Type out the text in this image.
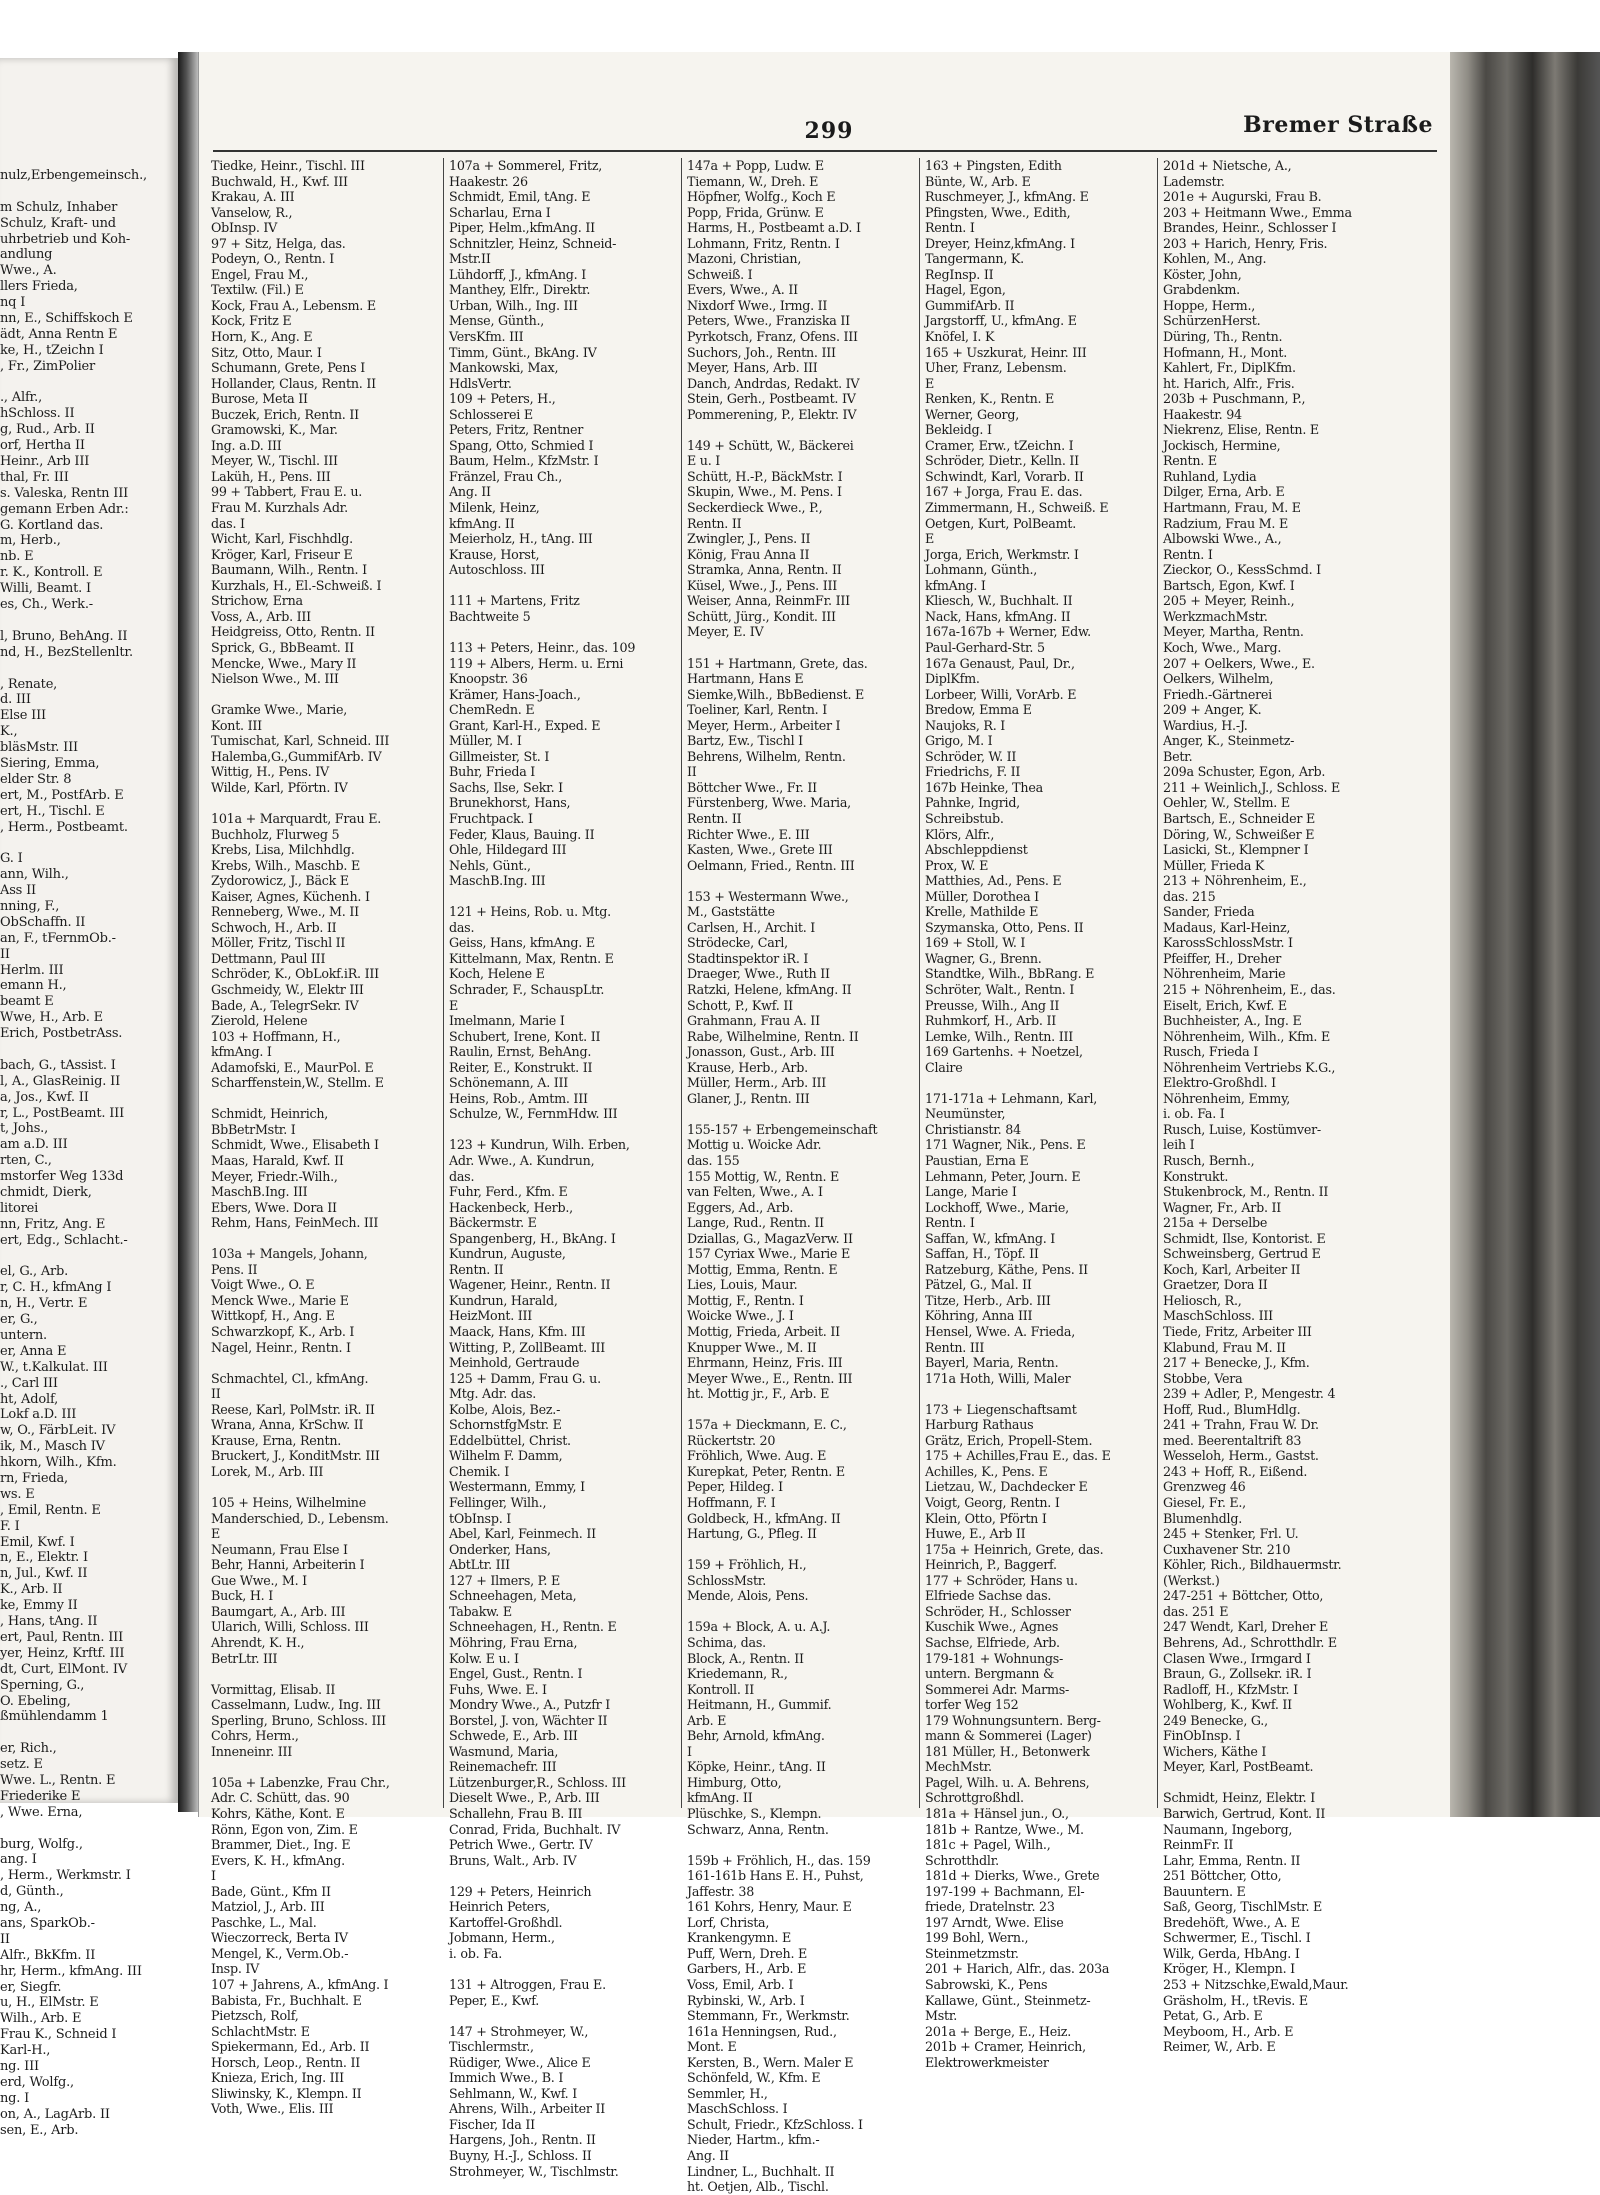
nulz,Erbengemeinsch.,
m Schulz, Inhaber
Schulz, Kraft- und
uhrbetrieb und Koh-
andlung
Wwe., A.
llers Frieda,
nq I
nn, E., Schiffskoch E
ädt, Anna Rentn E
ke, H., tZeichn I
, Fr., ZimPolier
., Alfr.,
hSchloss. II
g, Rud., Arb. II
orf, Hertha II
Heinr., Arb III
thal, Fr. III
s. Valeska, Rentn III
gemann Erben Adr.:
G. Kortland das.
m, Herb.,
nb. E
r. K., Kontroll. E
Willi, Beamt. I
es, Ch., Werk.-
l, Bruno, BehAng. II
nd, H., BezStellenltr.
, Renate,
d. III
Else III
K.,
bläsMstr. III
Siering, Emma,
elder Str. 8
ert, M., PostfArb. E
ert, H., Tischl. E
, Herm., Postbeamt.
G. I
ann, Wilh.,
Ass II
nning, F.,
ObSchaffn. II
an, F., tFernmOb.-
II
Herlm. III
emann H.,
beamt E
Wwe, H., Arb. E
Erich, PostbetrAss.
bach, G., tAssist. I
l, A., GlasReinig. II
a, Jos., Kwf. II
r, L., PostBeamt. III
t, Johs.,
am a.D. III
rten, C.,
mstorfer Weg 133d
chmidt, Dierk,
litorei
nn, Fritz, Ang. E
ert, Edg., Schlacht.-
el, G., Arb.
r, C. H., kfmAng I
n, H., Vertr. E
er, G.,
untern.
er, Anna E
W., t.Kalkulat. III
., Carl III
ht, Adolf,
Lokf a.D. III
w, O., FärbLeit. IV
ik, M., Masch IV
hkorn, Wilh., Kfm.
rn, Frieda,
ws. E
, Emil, Rentn. E
F. I
Emil, Kwf. I
n, E., Elektr. I
n, Jul., Kwf. II
K., Arb. II
ke, Emmy II
, Hans, tAng. II
ert, Paul, Rentn. III
yer, Heinz, Krftf. III
dt, Curt, ElMont. IV
Sperning, G.,
O. Ebeling,
ßmühlendamm 1
er, Rich.,
setz. E
Wwe. L., Rentn. E
Friederike E
, Wwe. Erna,
burg, Wolfg.,
ang. I
, Herm., Werkmstr. I
d, Günth.,
ng, A.,
ans, SparkOb.-
II
Alfr., BkKfm. II
hr, Herm., kfmAng. III
er, Siegfr.
u, H., ElMstr. E
Wilh., Arb. E
Frau K., Schneid I
Karl-H.,
ng. III
erd, Wolfg.,
ng. I
on, A., LagArb. II
sen, E., Arb.
299	Bremer Straße
Tiedke, Heinr., Tischl. III
Buchwald, H., Kwf. III
Krakau, A. III
Vanselow, R.,
ObInsp. IV
97 + Sitz, Helga, das.
Podeyn, O., Rentn. I
Engel, Frau M.,
Textilw. (Fil.) E
Kock, Frau A., Lebensm. E
Kock, Fritz E
Horn, K., Ang. E
Sitz, Otto, Maur. I
Schumann, Grete, Pens I
Hollander, Claus, Rentn. II
Burose, Meta II
Buczek, Erich, Rentn. II
Gramowski, K., Mar.
Ing. a.D. III
Meyer, W., Tischl. III
Laküh, H., Pens. III
99 + Tabbert, Frau E. u.
Frau M. Kurzhals Adr.
das. I
Wicht, Karl, Fischhdlg.
Kröger, Karl, Friseur E
Baumann, Wilh., Rentn. I
Kurzhals, H., El.-Schweiß. I
Strichow, Erna
Voss, A., Arb. III
Heidgreiss, Otto, Rentn. II
Sprick, G., BbBeamt. II
Mencke, Wwe., Mary II
Nielson Wwe., M. III
Gramke Wwe., Marie,
Kont. III
Tumischat, Karl, Schneid. III
Halemba,G.,GummifArb. IV
Wittig, H., Pens. IV
Wilde, Karl, Pförtn. IV
101a + Marquardt, Frau E.
Buchholz, Flurweg 5
Krebs, Lisa, Milchhdlg.
Krebs, Wilh., Maschb. E
Zydorowicz, J., Bäck E
Kaiser, Agnes, Küchenh. I
Renneberg, Wwe., M. II
Schwoch, H., Arb. II
Möller, Fritz, Tischl II
Dettmann, Paul III
Schröder, K., ObLokf.iR. III
Gschmeidy, W., Elektr III
Bade, A., TelegrSekr. IV
Zierold, Helene
103 + Hoffmann, H.,
kfmAng. I
Adamofski, E., MaurPol. E
Scharffenstein,W., Stellm. E
Schmidt, Heinrich,
BbBetrMstr. I
Schmidt, Wwe., Elisabeth I
Maas, Harald, Kwf. II
Meyer, Friedr.-Wilh.,
MaschB.Ing. III
Ebers, Wwe. Dora II
Rehm, Hans, FeinMech. III
103a + Mangels, Johann,
Pens. II
Voigt Wwe., O. E
Menck Wwe., Marie E
Wittkopf, H., Ang. E
Schwarzkopf, K., Arb. I
Nagel, Heinr., Rentn. I
Schmachtel, Cl., kfmAng.
II
Reese, Karl, PolMstr. iR. II
Wrana, Anna, KrSchw. II
Krause, Erna, Rentn.
Bruckert, J., KonditMstr. III
Lorek, M., Arb. III
105 + Heins, Wilhelmine
Manderschied, D., Lebensm.
E
Neumann, Frau Else I
Behr, Hanni, Arbeiterin I
Gue Wwe., M. I
Buck, H. I
Baumgart, A., Arb. III
Ularich, Willi, Schloss. III
Ahrendt, K. H.,
BetrLtr. III
Vormittag, Elisab. II
Casselmann, Ludw., Ing. III
Sperling, Bruno, Schloss. III
Cohrs, Herm.,
Inneneinr. III
105a + Labenzke, Frau Chr.,
Adr. C. Schütt, das. 90
Kohrs, Käthe, Kont. E
Rönn, Egon von, Zim. E
Brammer, Diet., Ing. E
Evers, K. H., kfmAng.
I
Bade, Günt., Kfm II
Matziol, J., Arb. III
Paschke, L., Mal.
Wieczorreck, Berta IV
Mengel, K., Verm.Ob.-
Insp. IV
107 + Jahrens, A., kfmAng. I
Babista, Fr., Buchhalt. E
Pietzsch, Rolf,
SchlachtMstr. E
Spiekermann, Ed., Arb. II
Horsch, Leop., Rentn. II
Knieza, Erich, Ing. III
Sliwinsky, K., Klempn. II
Voth, Wwe., Elis. III
107a + Sommerel, Fritz,
Haakestr. 26
Schmidt, Emil, tAng. E
Scharlau, Erna I
Piper, Helm.,kfmAng. II
Schnitzler, Heinz, Schneid-
Mstr.II
Lühdorff, J., kfmAng. I
Manthey, Elfr., Direktr.
Urban, Wilh., Ing. III
Mense, Günth.,
VersKfm. III
Timm, Günt., BkAng. IV
Mankowski, Max,
HdlsVertr.
109 + Peters, H.,
Schlosserei E
Peters, Fritz, Rentner
Spang, Otto, Schmied I
Baum, Helm., KfzMstr. I
Fränzel, Frau Ch.,
Ang. II
Milenk, Heinz,
kfmAng. II
Meierholz, H., tAng. III
Krause, Horst,
Autoschloss. III
111 + Martens, Fritz
Bachtweite 5
113 + Peters, Heinr., das. 109
119 + Albers, Herm. u. Erni
Knoopstr. 36
Krämer, Hans-Joach.,
ChemRedn. E
Grant, Karl-H., Exped. E
Müller, M. I
Gillmeister, St. I
Buhr, Frieda I
Sachs, Ilse, Sekr. I
Brunekhorst, Hans,
Fruchtpack. I
Feder, Klaus, Bauing. II
Ohle, Hildegard III
Nehls, Günt.,
MaschB.Ing. III
121 + Heins, Rob. u. Mtg.
das.
Geiss, Hans, kfmAng. E
Kittelmann, Max, Rentn. E
Koch, Helene E
Schrader, F., SchauspLtr.
E
Imelmann, Marie I
Schubert, Irene, Kont. II
Raulin, Ernst, BehAng.
Reiter, E., Konstrukt. II
Schönemann, A. III
Heins, Rob., Amtm. III
Schulze, W., FernmHdw. III
123 + Kundrun, Wilh. Erben,
Adr. Wwe., A. Kundrun,
das.
Fuhr, Ferd., Kfm. E
Hackenbeck, Herb.,
Bäckermstr. E
Spangenberg, H., BkAng. I
Kundrun, Auguste,
Rentn. II
Wagener, Heinr., Rentn. II
Kundrun, Harald,
HeizMont. III
Maack, Hans, Kfm. III
Witting, P., ZollBeamt. III
Meinhold, Gertraude
125 + Damm, Frau G. u.
Mtg. Adr. das.
Kolbe, Alois, Bez.-
SchornstfgMstr. E
Eddelbüttel, Christ.
Wilhelm F. Damm,
Chemik. I
Westermann, Emmy, I
Fellinger, Wilh.,
tObInsp. I
Abel, Karl, Feinmech. II
Onderker, Hans,
AbtLtr. III
127 + Ilmers, P. E
Schneehagen, Meta,
Tabakw. E
Schneehagen, H., Rentn. E
Möhring, Frau Erna,
Kolw. E u. I
Engel, Gust., Rentn. I
Fuhs, Wwe. E. I
Mondry Wwe., A., Putzfr I
Borstel, J. von, Wächter II
Schwede, E., Arb. III
Wasmund, Maria,
Reinemachefr. III
Lützenburger,R., Schloss. III
Dieselt Wwe., P., Arb. III
Schallehn, Frau B. III
Conrad, Frida, Buchhalt. IV
Petrich Wwe., Gertr. IV
Bruns, Walt., Arb. IV
129 + Peters, Heinrich
Heinrich Peters,
Kartoffel-Großhdl.
Jobmann, Herm.,
i. ob. Fa.
131 + Altroggen, Frau E.
Peper, E., Kwf.
147 + Strohmeyer, W.,
Tischlermstr.,
Rüdiger, Wwe., Alice E
Immich Wwe., B. I
Sehlmann, W., Kwf. I
Ahrens, Wilh., Arbeiter II
Fischer, Ida II
Hargens, Joh., Rentn. II
Buyny, H.-J., Schloss. II
Strohmeyer, W., Tischlmstr.
147a + Popp, Ludw. E
Tiemann, W., Dreh. E
Höpfner, Wolfg., Koch E
Popp, Frida, Grünw. E
Harms, H., Postbeamt a.D. I
Lohmann, Fritz, Rentn. I
Mazoni, Christian,
Schweiß. I
Evers, Wwe., A. II
Nixdorf Wwe., Irmg. II
Peters, Wwe., Franziska II
Pyrkotsch, Franz, Ofens. III
Suchors, Joh., Rentn. III
Meyer, Hans, Arb. III
Danch, Andrdas, Redakt. IV
Stein, Gerh., Postbeamt. IV
Pommerening, P., Elektr. IV
149 + Schütt, W., Bäckerei
E u. I
Schütt, H.-P., BäckMstr. I
Skupin, Wwe., M. Pens. I
Seckerdieck Wwe., P.,
Rentn. II
Zwingler, J., Pens. II
König, Frau Anna II
Stramka, Anna, Rentn. II
Küsel, Wwe., J., Pens. III
Weiser, Anna, ReinmFr. III
Schütt, Jürg., Kondit. III
Meyer, E. IV
151 + Hartmann, Grete, das.
Hartmann, Hans E
Siemke,Wilh., BbBedienst. E
Toeliner, Karl, Rentn. I
Meyer, Herm., Arbeiter I
Bartz, Ew., Tischl I
Behrens, Wilhelm, Rentn.
II
Böttcher Wwe., Fr. II
Fürstenberg, Wwe. Maria,
Rentn. II
Richter Wwe., E. III
Kasten, Wwe., Grete III
Oelmann, Fried., Rentn. III
153 + Westermann Wwe.,
M., Gaststätte
Carlsen, H., Archit. I
Strödecke, Carl,
Stadtinspektor iR. I
Draeger, Wwe., Ruth II
Ratzki, Helene, kfmAng. II
Schott, P., Kwf. II
Grahmann, Frau A. II
Rabe, Wilhelmine, Rentn. II
Jonasson, Gust., Arb. III
Krause, Herb., Arb.
Müller, Herm., Arb. III
Glaner, J., Rentn. III
155-157 + Erbengemeinschaft
Mottig u. Woicke Adr.
das. 155
155 Mottig, W., Rentn. E
van Felten, Wwe., A. I
Eggers, Ad., Arb.
Lange, Rud., Rentn. II
Dziallas, G., MagazVerw. II
157 Cyriax Wwe., Marie E
Mottig, Emma, Rentn. E
Lies, Louis, Maur.
Mottig, F., Rentn. I
Woicke Wwe., J. I
Mottig, Frieda, Arbeit. II
Knupper Wwe., M. II
Ehrmann, Heinz, Fris. III
Meyer Wwe., E., Rentn. III
ht. Mottig jr., F., Arb. E
157a + Dieckmann, E. C.,
Rückertstr. 20
Fröhlich, Wwe. Aug. E
Kurepkat, Peter, Rentn. E
Peper, Hildeg. I
Hoffmann, F. I
Goldbeck, H., kfmAng. II
Hartung, G., Pfleg. II
159 + Fröhlich, H.,
SchlossMstr.
Mende, Alois, Pens.
159a + Block, A. u. A.J.
Schima, das.
Block, A., Rentn. II
Kriedemann, R.,
Kontroll. II
Heitmann, H., Gummif.
Arb. E
Behr, Arnold, kfmAng.
I
Köpke, Heinr., tAng. II
Himburg, Otto,
kfmAng. II
Plüschke, S., Klempn.
Schwarz, Anna, Rentn.
159b + Fröhlich, H., das. 159
161-161b Hans E. H., Puhst,
Jaffestr. 38
161 Kohrs, Henry, Maur. E
Lorf, Christa,
Krankengymn. E
Puff, Wern, Dreh. E
Garbers, H., Arb. E
Voss, Emil, Arb. I
Rybinski, W., Arb. I
Stemmann, Fr., Werkmstr.
161a Henningsen, Rud.,
Mont. E
Kersten, B., Wern. Maler E
Schönfeld, W., Kfm. E
Semmler, H.,
MaschSchloss. I
Schult, Friedr., KfzSchloss. I
Nieder, Hartm., kfm.-
Ang. II
Lindner, L., Buchhalt. II
ht. Oetjen, Alb., Tischl.
163 + Pingsten, Edith
Bünte, W., Arb. E
Ruschmeyer, J., kfmAng. E
Pfingsten, Wwe., Edith,
Rentn. I
Dreyer, Heinz,kfmAng. I
Tangermann, K.
RegInsp. II
Hagel, Egon,
GummifArb. II
Jargstorff, U., kfmAng. E
Knöfel, I. K
165 + Uszkurat, Heinr. III
Uher, Franz, Lebensm.
E
Renken, K., Rentn. E
Werner, Georg,
Bekleidg. I
Cramer, Erw., tZeichn. I
Schröder, Dietr., Kelln. II
Schwindt, Karl, Vorarb. II
167 + Jorga, Frau E. das.
Zimmermann, H., Schweiß. E
Oetgen, Kurt, PolBeamt.
E
Jorga, Erich, Werkmstr. I
Lohmann, Günth.,
kfmAng. I
Kliesch, W., Buchhalt. II
Nack, Hans, kfmAng. II
167a-167b + Werner, Edw.
Paul-Gerhard-Str. 5
167a Genaust, Paul, Dr.,
DiplKfm.
Lorbeer, Willi, VorArb. E
Bredow, Emma E
Naujoks, R. I
Grigo, M. I
Schröder, W. II
Friedrichs, F. II
167b Heinke, Thea
Pahnke, Ingrid,
Schreibstub.
Klörs, Alfr.,
Abschleppdienst
Prox, W. E
Matthies, Ad., Pens. E
Müller, Dorothea I
Krelle, Mathilde E
Szymanska, Otto, Pens. II
169 + Stoll, W. I
Wagner, G., Brenn.
Standtke, Wilh., BbRang. E
Schröter, Walt., Rentn. I
Preusse, Wilh., Ang II
Ruhmkorf, H., Arb. II
Lemke, Wilh., Rentn. III
169 Gartenhs. + Noetzel,
Claire
171-171a + Lehmann, Karl,
Neumünster,
Christianstr. 84
171 Wagner, Nik., Pens. E
Paustian, Erna E
Lehmann, Peter, Journ. E
Lange, Marie I
Lockhoff, Wwe., Marie,
Rentn. I
Saffan, W., kfmAng. I
Saffan, H., Töpf. II
Ratzeburg, Käthe, Pens. II
Pätzel, G., Mal. II
Titze, Herb., Arb. III
Köhring, Anna III
Hensel, Wwe. A. Frieda,
Rentn. III
Bayerl, Maria, Rentn.
171a Hoth, Willi, Maler
173 + Liegenschaftsamt
Harburg Rathaus
Grätz, Erich, Propell-Stem.
175 + Achilles,Frau E., das. E
Achilles, K., Pens. E
Lietzau, W., Dachdecker E
Voigt, Georg, Rentn. I
Klein, Otto, Pförtn I
Huwe, E., Arb II
175a + Heinrich, Grete, das.
Heinrich, P., Baggerf.
177 + Schröder, Hans u.
Elfriede Sachse das.
Schröder, H., Schlosser
Kuschik Wwe., Agnes
Sachse, Elfriede, Arb.
179-181 + Wohnungs-
untern. Bergmann &
Sommerei Adr. Marms-
torfer Weg 152
179 Wohnungsuntern. Berg-
mann & Sommerei (Lager)
181 Müller, H., Betonwerk
MechMstr.
Pagel, Wilh. u. A. Behrens,
Schrottgroßhdl.
181a + Hänsel jun., O.,
181b + Rantze, Wwe., M.
181c + Pagel, Wilh.,
Schrotthdlr.
181d + Dierks, Wwe., Grete
197-199 + Bachmann, El-
friede, Dratelnstr. 23
197 Arndt, Wwe. Elise
199 Bohl, Wern.,
Steinmetzmstr.
201 + Harich, Alfr., das. 203a
Sabrowski, K., Pens
Kallawe, Günt., Steinmetz-
Mstr.
201a + Berge, E., Heiz.
201b + Cramer, Heinrich,
Elektrowerkmeister
201d + Nietsche, A.,
Lademstr.
201e + Augurski, Frau B.
203 + Heitmann Wwe., Emma
Brandes, Heinr., Schlosser I
203 + Harich, Henry, Fris.
Kohlen, M., Ang.
Köster, John,
Grabdenkm.
Hoppe, Herm.,
SchürzenHerst.
Düring, Th., Rentn.
Hofmann, H., Mont.
Kahlert, Fr., DiplKfm.
ht. Harich, Alfr., Fris.
203b + Puschmann, P.,
Haakestr. 94
Niekrenz, Elise, Rentn. E
Jockisch, Hermine,
Rentn. E
Ruhland, Lydia
Dilger, Erna, Arb. E
Hartmann, Frau, M. E
Radzium, Frau M. E
Albowski Wwe., A.,
Rentn. I
Zieckor, O., KessSchmd. I
Bartsch, Egon, Kwf. I
205 + Meyer, Reinh.,
WerkzmachMstr.
Meyer, Martha, Rentn.
Koch, Wwe., Marg.
207 + Oelkers, Wwe., E.
Oelkers, Wilhelm,
Friedh.-Gärtnerei
209 + Anger, K.
Wardius, H.-J.
Anger, K., Steinmetz-
Betr.
209a Schuster, Egon, Arb.
211 + Weinlich,J., Schloss. E
Oehler, W., Stellm. E
Bartsch, E., Schneider E
Döring, W., Schweißer E
Lasicki, St., Klempner I
Müller, Frieda K
213 + Nöhrenheim, E.,
das. 215
Sander, Frieda
Madaus, Karl-Heinz,
KarossSchlossMstr. I
Pfeiffer, H., Dreher
Nöhrenheim, Marie
215 + Nöhrenheim, E., das.
Eiselt, Erich, Kwf. E
Buchheister, A., Ing. E
Nöhrenheim, Wilh., Kfm. E
Rusch, Frieda I
Nöhrenheim Vertriebs K.G.,
Elektro-Großhdl. I
Nöhrenheim, Emmy,
i. ob. Fa. I
Rusch, Luise, Kostümver-
leih I
Rusch, Bernh.,
Konstrukt.
Stukenbrock, M., Rentn. II
Wagner, Fr., Arb. II
215a + Derselbe
Schmidt, Ilse, Kontorist. E
Schweinsberg, Gertrud E
Koch, Karl, Arbeiter II
Graetzer, Dora II
Heliosch, R.,
MaschSchloss. III
Tiede, Fritz, Arbeiter III
Klabund, Frau M. II
217 + Benecke, J., Kfm.
Stobbe, Vera
239 + Adler, P., Mengestr. 4
Hoff, Rud., BlumHdlg.
241 + Trahn, Frau W. Dr.
med. Beerentaltrift 83
Wesseloh, Herm., Gastst.
243 + Hoff, R., Eißend.
Grenzweg 46
Giesel, Fr. E.,
Blumenhdlg.
245 + Stenker, Frl. U.
Cuxhavener Str. 210
Köhler, Rich., Bildhauermstr.
(Werkst.)
247-251 + Böttcher, Otto,
das. 251 E
247 Wendt, Karl, Dreher E
Behrens, Ad., Schrotthdlr. E
Clasen Wwe., Irmgard I
Braun, G., Zollsekr. iR. I
Radloff, H., KfzMstr. I
Wohlberg, K., Kwf. II
249 Benecke, G.,
FinObInsp. I
Wichers, Käthe I
Meyer, Karl, PostBeamt.
Schmidt, Heinz, Elektr. I
Barwich, Gertrud, Kont. II
Naumann, Ingeborg,
ReinmFr. II
Lahr, Emma, Rentn. II
251 Böttcher, Otto,
Bauuntern. E
Saß, Georg, TischlMstr. E
Bredehöft, Wwe., A. E
Schwermer, E., Tischl. I
Wilk, Gerda, HbAng. I
Kröger, H., Klempn. I
253 + Nitzschke,Ewald,Maur.
Gräsholm, H., tRevis. E
Petat, G., Arb. E
Meyboom, H., Arb. E
Reimer, W., Arb. E
